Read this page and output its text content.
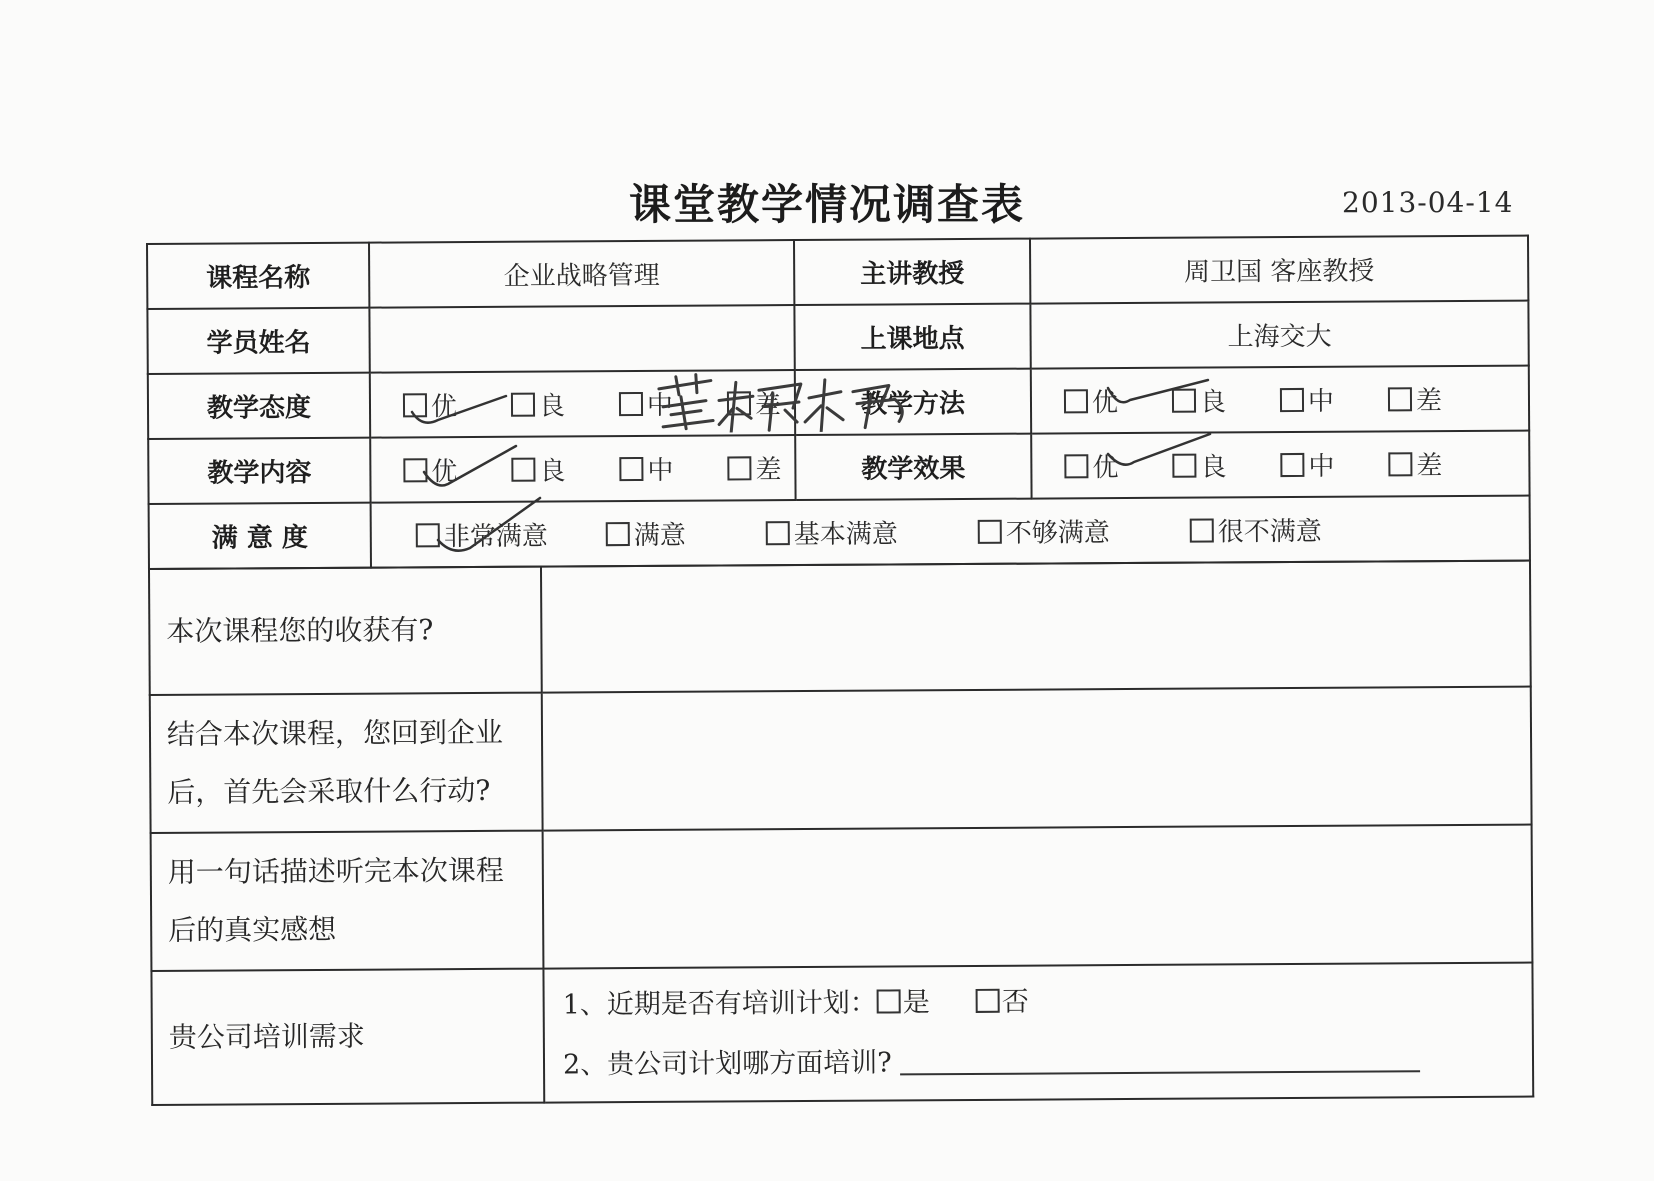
课堂教学情况调查表	2013-04-14
课程名称	企业战略管理	主讲教授	周卫国 客座教授
学员姓名		上课地点	上海交大
教学态度	优 良 中 差	教学方法	优 良 中 差
教学内容	优 良 中 差	教学效果	优 良 中 差
满 意 度	非常满意 满意 基本满意 不够满意 很不满意		
本次课程您的收获有?	
结合本次课程，您回到企业后，首先会采取什么行动?	
用一句话描述听完本次课程后的真实感想	
贵公司培训需求	1、近期是否有培训计划： 是 否
2、贵公司计划哪方面培训?
